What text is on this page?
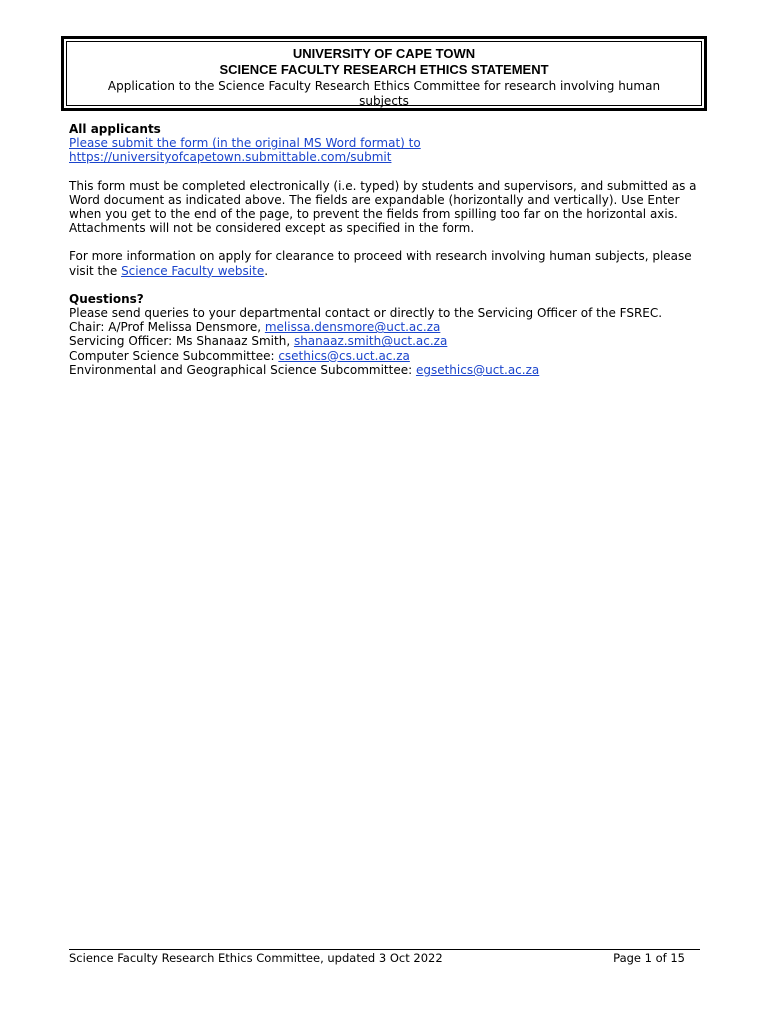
UNIVERSITY OF CAPE TOWN

SCIENCE FACULTY RESEARCH ETHICS STATEMENT

Application to the Science Faculty Research Ethics Committee for research involving human subjects

All applicants

Please submit the form (in the original MS Word format) to
https://universityofcapetown.submittable.com/submit

This form must be completed electronically (i.e. typed) by students and supervisors, and submitted as a Word document as indicated above. The fields are expandable (horizontally and vertically). Use Enter when you get to the end of the page, to prevent the fields from spilling too far on the horizontal axis. Attachments will not be considered except as specified in the form.

For more information on apply for clearance to proceed with research involving human subjects, please visit the Science Faculty website.

Questions?

Please send queries to your departmental contact or directly to the Servicing Officer of the FSREC.

Chair: A/Prof Melissa Densmore, melissa.densmore@uct.ac.za

Servicing Officer: Ms Shanaaz Smith, shanaaz.smith@uct.ac.za

Computer Science Subcommittee: csethics@cs.uct.ac.za

Environmental and Geographical Science Subcommittee: egsethics@uct.ac.za

Science Faculty Research Ethics Committee, updated 3 Oct 2022	Page 1 of 15
